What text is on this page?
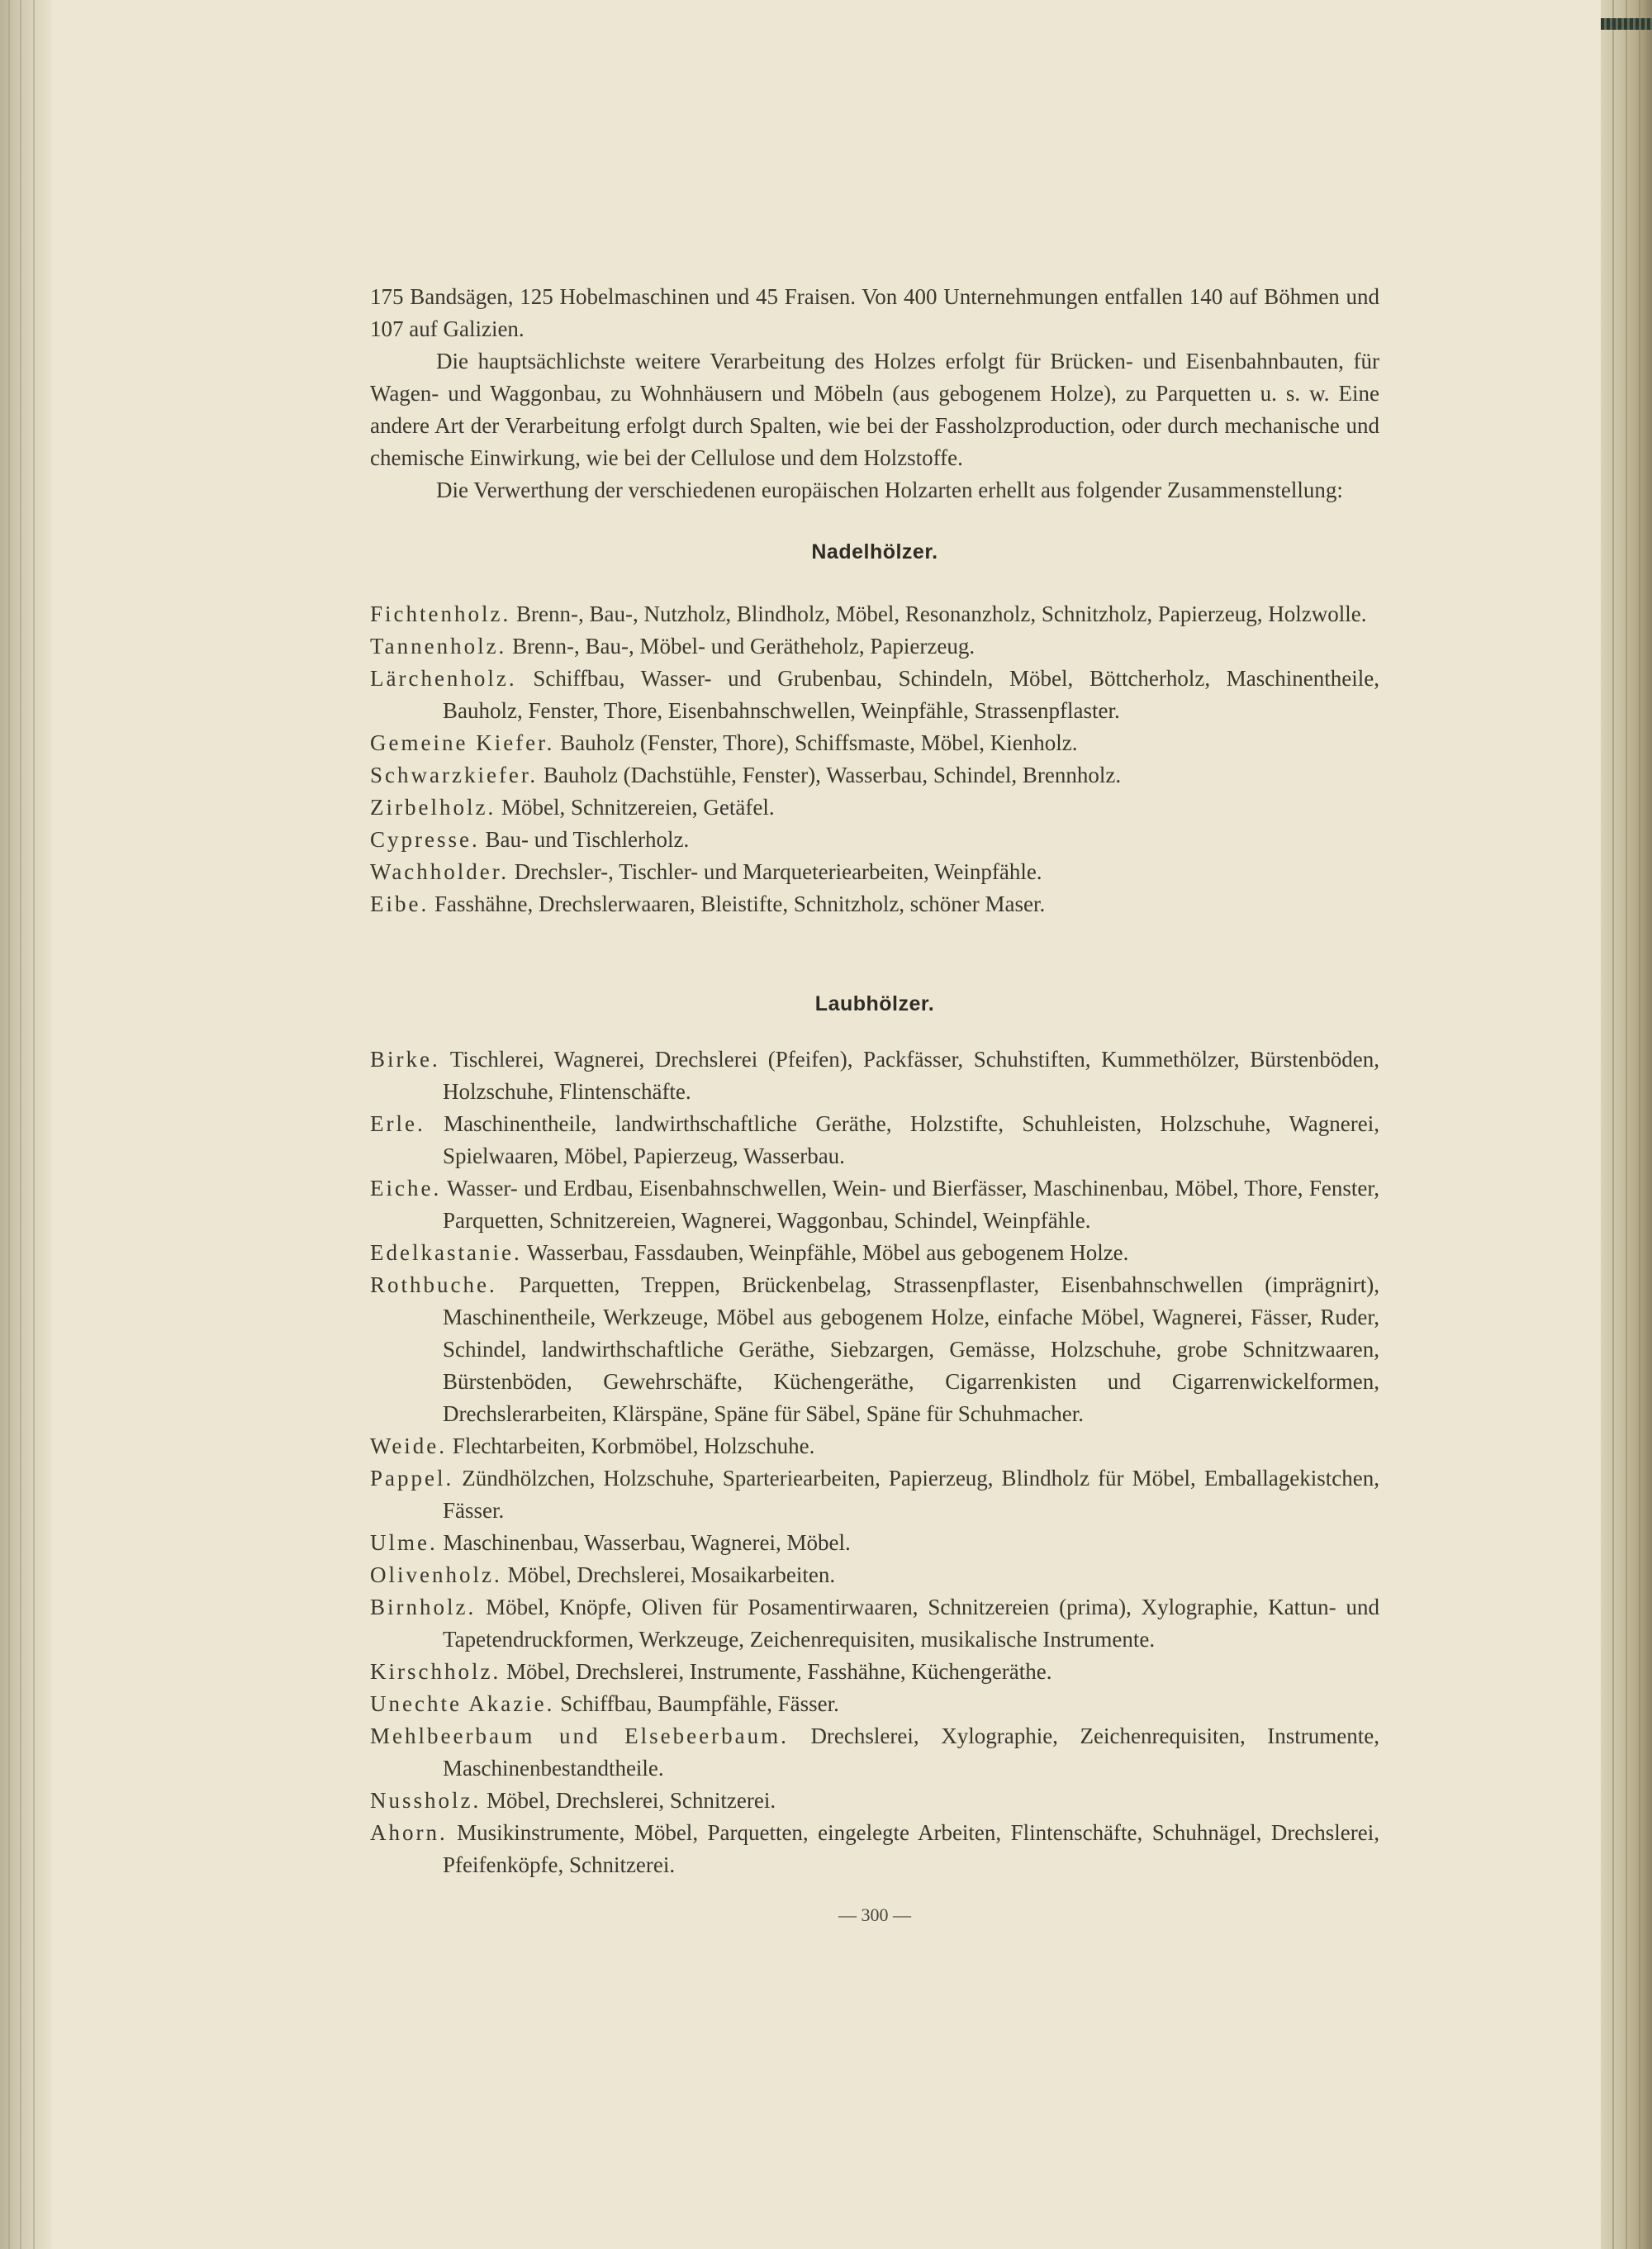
175 Bandsägen, 125 Hobelmaschinen und 45 Fraisen. Von 400 Unternehmungen entfallen 140 auf Böhmen und 107 auf Galizien.

Die hauptsächlichste weitere Verarbeitung des Holzes erfolgt für Brücken- und Eisenbahnbauten, für Wagen- und Waggonbau, zu Wohnhäusern und Möbeln (aus gebogenem Holze), zu Parquetten u. s. w. Eine andere Art der Verarbeitung erfolgt durch Spalten, wie bei der Fassholzproduction, oder durch mechanische und chemische Einwirkung, wie bei der Cellulose und dem Holzstoffe.

Die Verwerthung der verschiedenen europäischen Holzarten erhellt aus folgender Zusammenstellung:

Nadelhölzer.

Fichtenholz. Brenn-, Bau-, Nutzholz, Blindholz, Möbel, Resonanzholz, Schnitzholz, Papierzeug, Holzwolle.

Tannenholz. Brenn-, Bau-, Möbel- und Gerätheholz, Papierzeug.

Lärchenholz. Schiffbau, Wasser- und Grubenbau, Schindeln, Möbel, Böttcherholz, Maschinentheile, Bauholz, Fenster, Thore, Eisenbahnschwellen, Weinpfähle, Strassenpflaster.

Gemeine Kiefer. Bauholz (Fenster, Thore), Schiffsmaste, Möbel, Kienholz.

Schwarzkiefer. Bauholz (Dachstühle, Fenster), Wasserbau, Schindel, Brennholz.

Zirbelholz. Möbel, Schnitzereien, Getäfel.

Cypresse. Bau- und Tischlerholz.

Wachholder. Drechsler-, Tischler- und Marqueteriearbeiten, Weinpfähle.

Eibe. Fasshähne, Drechslerwaaren, Bleistifte, Schnitzholz, schöner Maser.

Laubhölzer.

Birke. Tischlerei, Wagnerei, Drechslerei (Pfeifen), Packfässer, Schuhstiften, Kummethölzer, Bürstenböden, Holzschuhe, Flintenschäfte.

Erle. Maschinentheile, landwirthschaftliche Geräthe, Holzstifte, Schuhleisten, Holzschuhe, Wagnerei, Spielwaaren, Möbel, Papierzeug, Wasserbau.

Eiche. Wasser- und Erdbau, Eisenbahnschwellen, Wein- und Bierfässer, Maschinenbau, Möbel, Thore, Fenster, Parquetten, Schnitzereien, Wagnerei, Waggonbau, Schindel, Weinpfähle.

Edelkastanie. Wasserbau, Fassdauben, Weinpfähle, Möbel aus gebogenem Holze.

Rothbuche. Parquetten, Treppen, Brückenbelag, Strassenpflaster, Eisenbahnschwellen (imprägnirt), Maschinentheile, Werkzeuge, Möbel aus gebogenem Holze, einfache Möbel, Wagnerei, Fässer, Ruder, Schindel, landwirthschaftliche Geräthe, Siebzargen, Gemässe, Holzschuhe, grobe Schnitzwaaren, Bürstenböden, Gewehrschäfte, Küchengeräthe, Cigarrenkisten und Cigarrenwickelformen, Drechslerarbeiten, Klärspäne, Späne für Säbel, Späne für Schuhmacher.

Weide. Flechtarbeiten, Korbmöbel, Holzschuhe.

Pappel. Zündhölzchen, Holzschuhe, Sparteriearbeiten, Papierzeug, Blindholz für Möbel, Emballagekistchen, Fässer.

Ulme. Maschinenbau, Wasserbau, Wagnerei, Möbel.

Olivenholz. Möbel, Drechslerei, Mosaikarbeiten.

Birnholz. Möbel, Knöpfe, Oliven für Posamentirwaaren, Schnitzereien (prima), Xylographie, Kattun- und Tapetendruckformen, Werkzeuge, Zeichenrequisiten, musikalische Instrumente.

Kirschholz. Möbel, Drechslerei, Instrumente, Fasshähne, Küchengeräthe.

Unechte Akazie. Schiffbau, Baumpfähle, Fässer.

Mehlbeerbaum und Elsebeerbaum. Drechslerei, Xylographie, Zeichenrequisiten, Instrumente, Maschinenbestandtheile.

Nussholz. Möbel, Drechslerei, Schnitzerei.

Ahorn. Musikinstrumente, Möbel, Parquetten, eingelegte Arbeiten, Flintenschäfte, Schuhnägel, Drechslerei, Pfeifenköpfe, Schnitzerei.

— 300 —
